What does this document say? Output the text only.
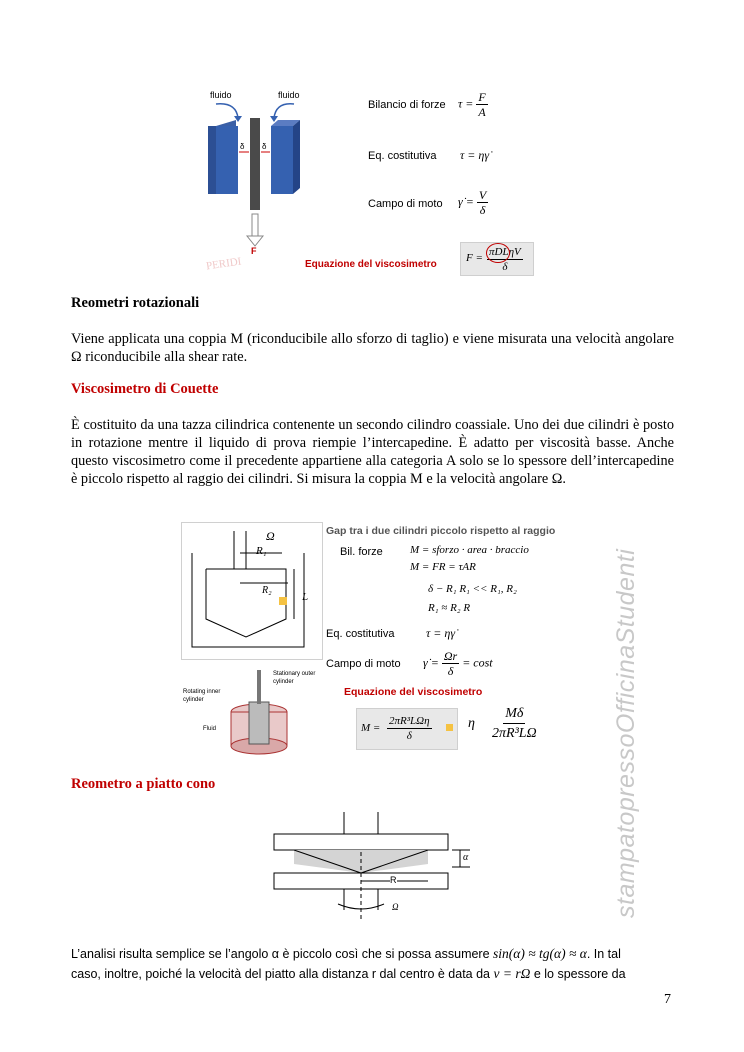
fluido	fluido
δ δ
F
PERIDI
Bilancio di forze $\tau = \frac{F}{A}$
Eq. costitutiva τ = ηγ̇
Campo di moto γ̇ = $\frac{V}{\delta}$
Equazione del viscosimetro
F = πDLηV
δ
Reometri rotazionali
Viene applicata una coppia M (riconducibile allo sforzo di taglio) e viene misurata una velocità angolare Ω riconducibile alla shear rate.
Viscosimetro di Couette
È costituito da una tazza cilindrica contenente un secondo cilindro coassiale. Uno dei due cilindri è posto in rotazione mentre il liquido di prova riempie l’intercapedine. È adatto per viscosità basse. Anche questo viscosimetro come il precedente appartiene alla categoria A solo se lo spessore dell’intercapedine è piccolo rispetto al raggio dei cilindri. Si misura la coppia M e la velocità angolare Ω.
Ω
R₁
R₂
L
Stationary outer cylinder
Rotating inner cylinder
Fluid
Gap tra i due cilindri piccolo rispetto al raggio
Bil. forze M = sforzo · area · braccio
M = FR = τAR
δ − R₁ R₁ << R₁, R₂
R₁ ≈ R₂ R
Eq. costitutiva	τ = ηγ̇
Campo di moto γ̇ = $\frac{\Omega r}{\delta} = \cos t$
Equazione del viscosimetro
M =
2πR³LΩη
δ
η $\frac{M\delta}{\text{2πR³LΩ}}$
Reometro a piatto cono
α
R
Ω
L’analisi risulta semplice se l’angolo α è piccolo così che si possa assumere sin(α) ≈ tg(α) ≈ α. In tal
caso, inoltre, poiché la velocità del piatto alla distanza r dal centro è data da v = rΩ e lo spessore da
7
stampatopressoOfficinaStudenti
